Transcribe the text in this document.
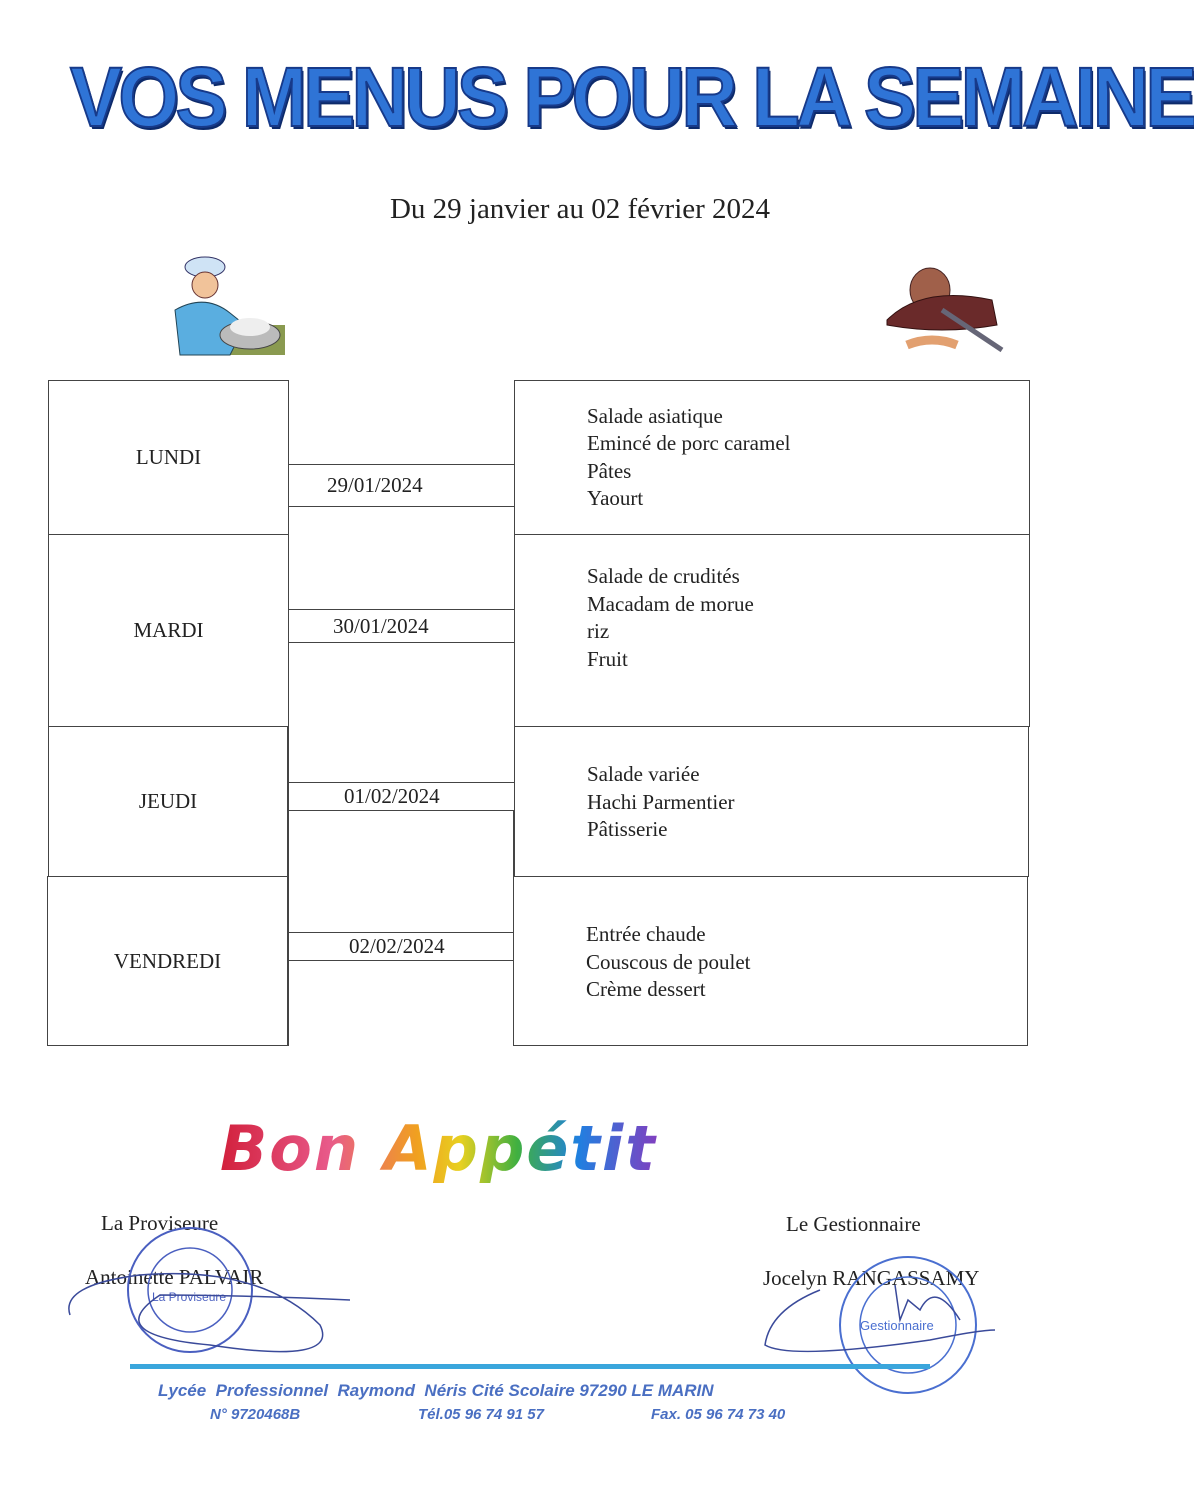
VOS MENUS POUR LA SEMAINE
Du 29 janvier au 02 février 2024
LUNDI
MARDI
JEUDI
VENDREDI
29/01/2024
30/01/2024
01/02/2024
02/02/2024
Salade asiatique
Emincé de porc caramel
Pâtes
Yaourt
Salade de crudités
Macadam de morue
riz
Fruit
Salade variée
Hachi Parmentier
Pâtisserie
Entrée chaude
Couscous de poulet
Crème dessert
Bon Appétit
La Proviseure
Antoinette PALVAIR
Le Gestionnaire
Jocelyn RANGASSAMY
La Proviseure
Gestionnaire
Lycée  Professionnel  Raymond  Néris Cité Scolaire 97290 LE MARIN
N° 9720468B	Tél.05 96 74 91 57	Fax. 05 96 74 73 40
